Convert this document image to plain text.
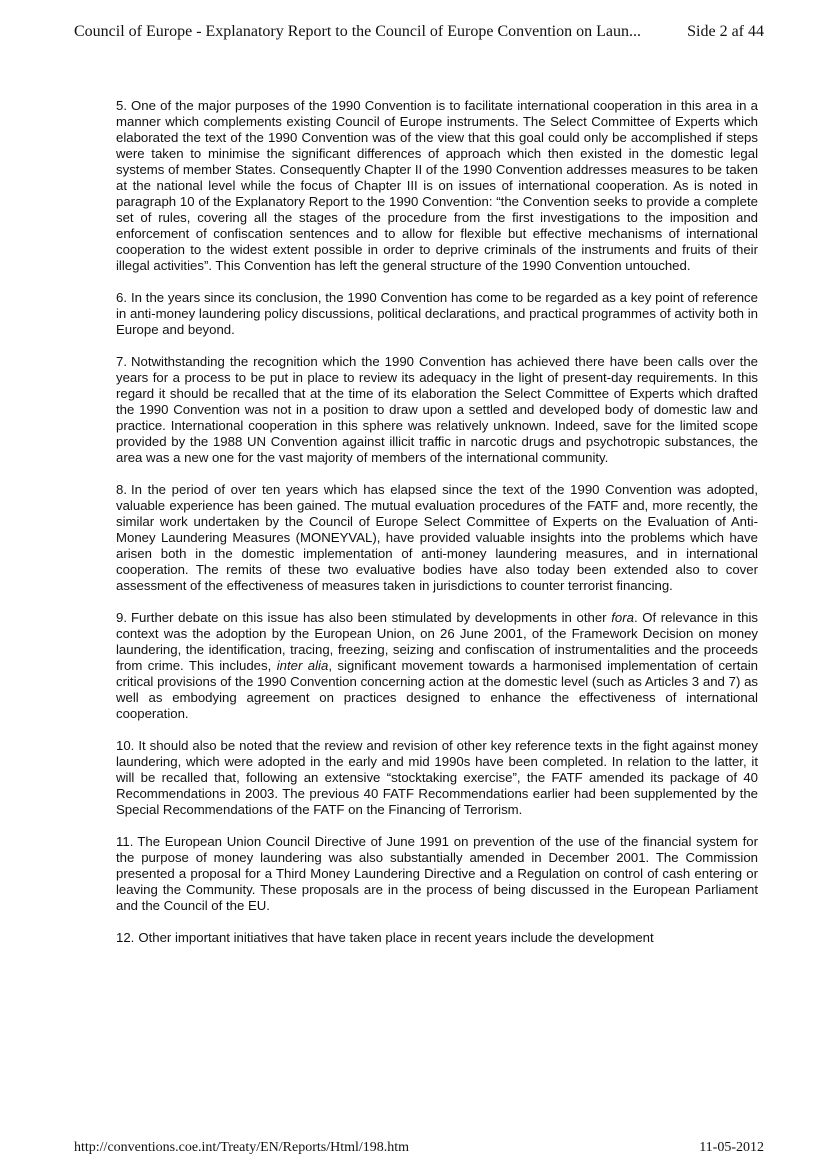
Council of Europe - Explanatory Report to the Council of Europe Convention on Laun...	Side 2 af 44

5. One of the major purposes of the 1990 Convention is to facilitate international cooperation in this area in a manner which complements existing Council of Europe instruments. The Select Committee of Experts which elaborated the text of the 1990 Convention was of the view that this goal could only be accomplished if steps were taken to minimise the significant differences of approach which then existed in the domestic legal systems of member States. Consequently Chapter II of the 1990 Convention addresses measures to be taken at the national level while the focus of Chapter III is on issues of international cooperation. As is noted in paragraph 10 of the Explanatory Report to the 1990 Convention: “the Convention seeks to provide a complete set of rules, covering all the stages of the procedure from the first investigations to the imposition and enforcement of confiscation sentences and to allow for flexible but effective mechanisms of international cooperation to the widest extent possible in order to deprive criminals of the instruments and fruits of their illegal activities”. This Convention has left the general structure of the 1990 Convention untouched.

6. In the years since its conclusion, the 1990 Convention has come to be regarded as a key point of reference in anti-money laundering policy discussions, political declarations, and practical programmes of activity both in Europe and beyond.

7. Notwithstanding the recognition which the 1990 Convention has achieved there have been calls over the years for a process to be put in place to review its adequacy in the light of present-day requirements. In this regard it should be recalled that at the time of its elaboration the Select Committee of Experts which drafted the 1990 Convention was not in a position to draw upon a settled and developed body of domestic law and practice. International cooperation in this sphere was relatively unknown. Indeed, save for the limited scope provided by the 1988 UN Convention against illicit traffic in narcotic drugs and psychotropic substances, the area was a new one for the vast majority of members of the international community.

8. In the period of over ten years which has elapsed since the text of the 1990 Convention was adopted, valuable experience has been gained. The mutual evaluation procedures of the FATF and, more recently, the similar work undertaken by the Council of Europe Select Committee of Experts on the Evaluation of Anti-Money Laundering Measures (MONEYVAL), have provided valuable insights into the problems which have arisen both in the domestic implementation of anti-money laundering measures, and in international cooperation. The remits of these two evaluative bodies have also today been extended also to cover assessment of the effectiveness of measures taken in jurisdictions to counter terrorist financing.

9. Further debate on this issue has also been stimulated by developments in other fora. Of relevance in this context was the adoption by the European Union, on 26 June 2001, of the Framework Decision on money laundering, the identification, tracing, freezing, seizing and confiscation of instrumentalities and the proceeds from crime. This includes, inter alia, significant movement towards a harmonised implementation of certain critical provisions of the 1990 Convention concerning action at the domestic level (such as Articles 3 and 7) as well as embodying agreement on practices designed to enhance the effectiveness of international cooperation.

10. It should also be noted that the review and revision of other key reference texts in the fight against money laundering, which were adopted in the early and mid 1990s have been completed. In relation to the latter, it will be recalled that, following an extensive “stocktaking exercise”, the FATF amended its package of 40 Recommendations in 2003. The previous 40 FATF Recommendations earlier had been supplemented by the Special Recommendations of the FATF on the Financing of Terrorism.

11. The European Union Council Directive of June 1991 on prevention of the use of the financial system for the purpose of money laundering was also substantially amended in December 2001. The Commission presented a proposal for a Third Money Laundering Directive and a Regulation on control of cash entering or leaving the Community. These proposals are in the process of being discussed in the European Parliament and the Council of the EU.

12. Other important initiatives that have taken place in recent years include the development

http://conventions.coe.int/Treaty/EN/Reports/Html/198.htm	11-05-2012
